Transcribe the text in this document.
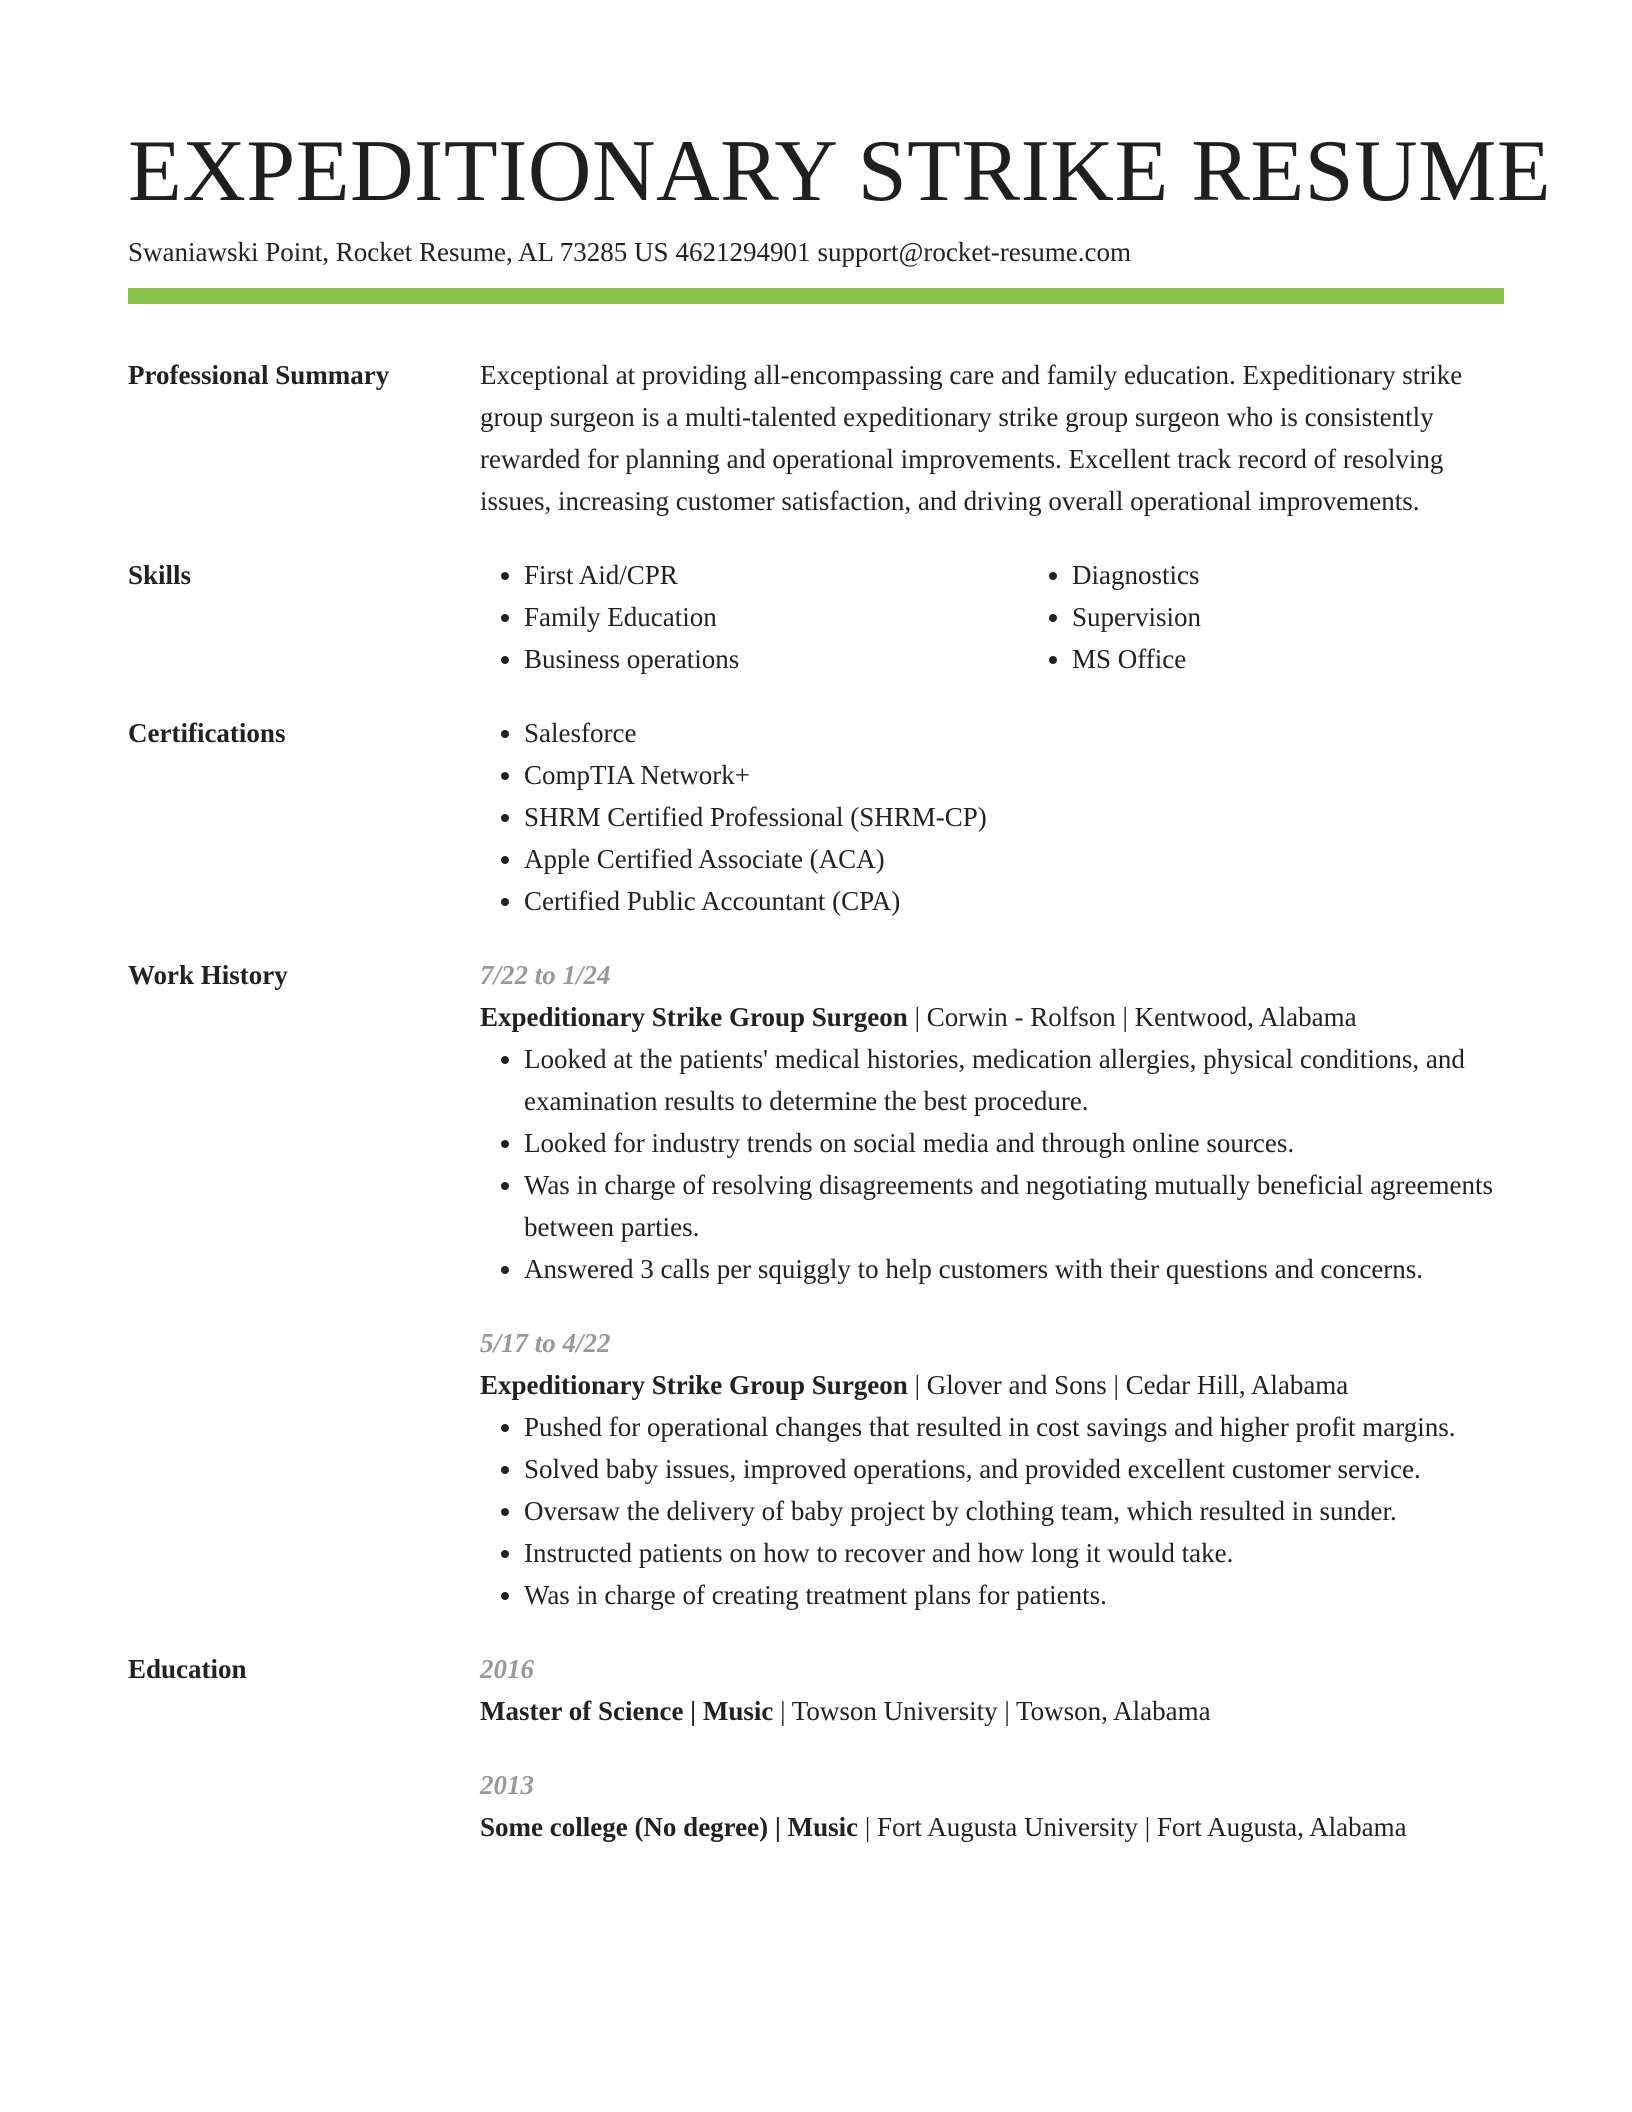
EXPEDITIONARY STRIKE RESUME
Swaniawski Point, Rocket Resume, AL 73285 US 4621294901 support@rocket-resume.com
Professional Summary	Exceptional at providing all-encompassing care and family education. Expeditionary strike group surgeon is a multi-talented expeditionary strike group surgeon who is consistently rewarded for planning and operational improvements. Excellent track record of resolving issues, increasing customer satisfaction, and driving overall operational improvements.
Skills	• First Aid/CPR
• Family Education
• Business operations
• Diagnostics
• Supervision
• MS Office
Certifications	• Salesforce
• CompTIA Network+
• SHRM Certified Professional (SHRM-CP)
• Apple Certified Associate (ACA)
• Certified Public Accountant (CPA)
Work History	7/22 to 1/24
Expeditionary Strike Group Surgeon | Corwin - Rolfson | Kentwood, Alabama
• Looked at the patients' medical histories, medication allergies, physical conditions, and examination results to determine the best procedure.
• Looked for industry trends on social media and through online sources.
• Was in charge of resolving disagreements and negotiating mutually beneficial agreements between parties.
• Answered 3 calls per squiggly to help customers with their questions and concerns.
5/17 to 4/22
Expeditionary Strike Group Surgeon | Glover and Sons | Cedar Hill, Alabama
• Pushed for operational changes that resulted in cost savings and higher profit margins.
• Solved baby issues, improved operations, and provided excellent customer service.
• Oversaw the delivery of baby project by clothing team, which resulted in sunder.
• Instructed patients on how to recover and how long it would take.
• Was in charge of creating treatment plans for patients.
Education	2016
Master of Science | Music | Towson University | Towson, Alabama
2013
Some college (No degree) | Music | Fort Augusta University | Fort Augusta, Alabama
